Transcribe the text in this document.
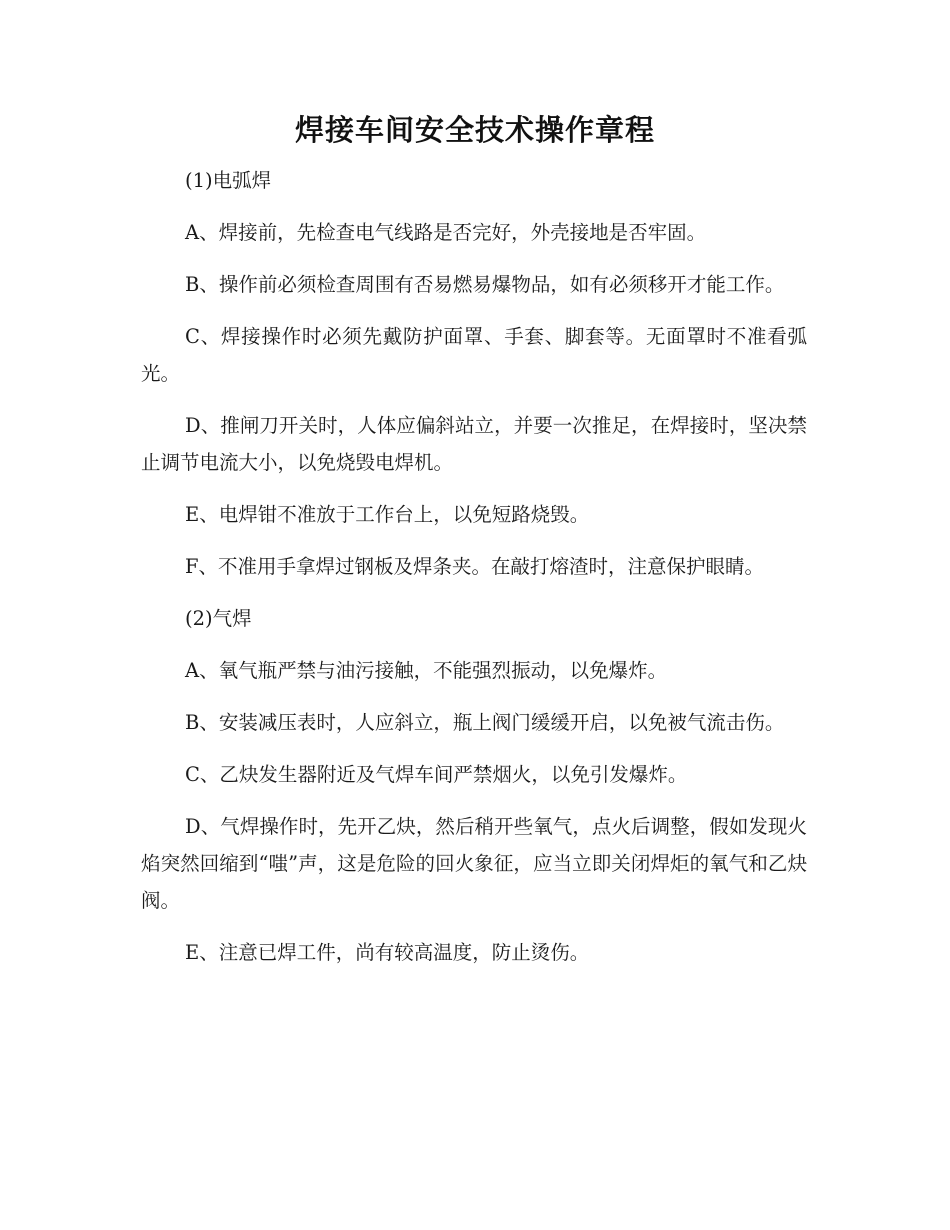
焊接车间安全技术操作章程

(1)电弧焊

A、焊接前，先检查电气线路是否完好，外壳接地是否牢固。

B、操作前必须检查周围有否易燃易爆物品，如有必须移开才能工作。

C、焊接操作时必须先戴防护面罩、手套、脚套等。无面罩时不准看弧光。

D、推闸刀开关时，人体应偏斜站立，并要一次推足，在焊接时，坚决禁止调节电流大小，以免烧毁电焊机。

E、电焊钳不准放于工作台上，以免短路烧毁。

F、不准用手拿焊过钢板及焊条夹。在敲打熔渣时，注意保护眼睛。

(2)气焊

A、氧气瓶严禁与油污接触，不能强烈振动，以免爆炸。

B、安装减压表时，人应斜立，瓶上阀门缓缓开启，以免被气流击伤。

C、乙炔发生器附近及气焊车间严禁烟火，以免引发爆炸。

D、气焊操作时，先开乙炔，然后稍开些氧气，点火后调整，假如发现火焰突然回缩到“嗤”声，这是危险的回火象征，应当立即关闭焊炬的氧气和乙炔阀。

E、注意已焊工件，尚有较高温度，防止烫伤。
